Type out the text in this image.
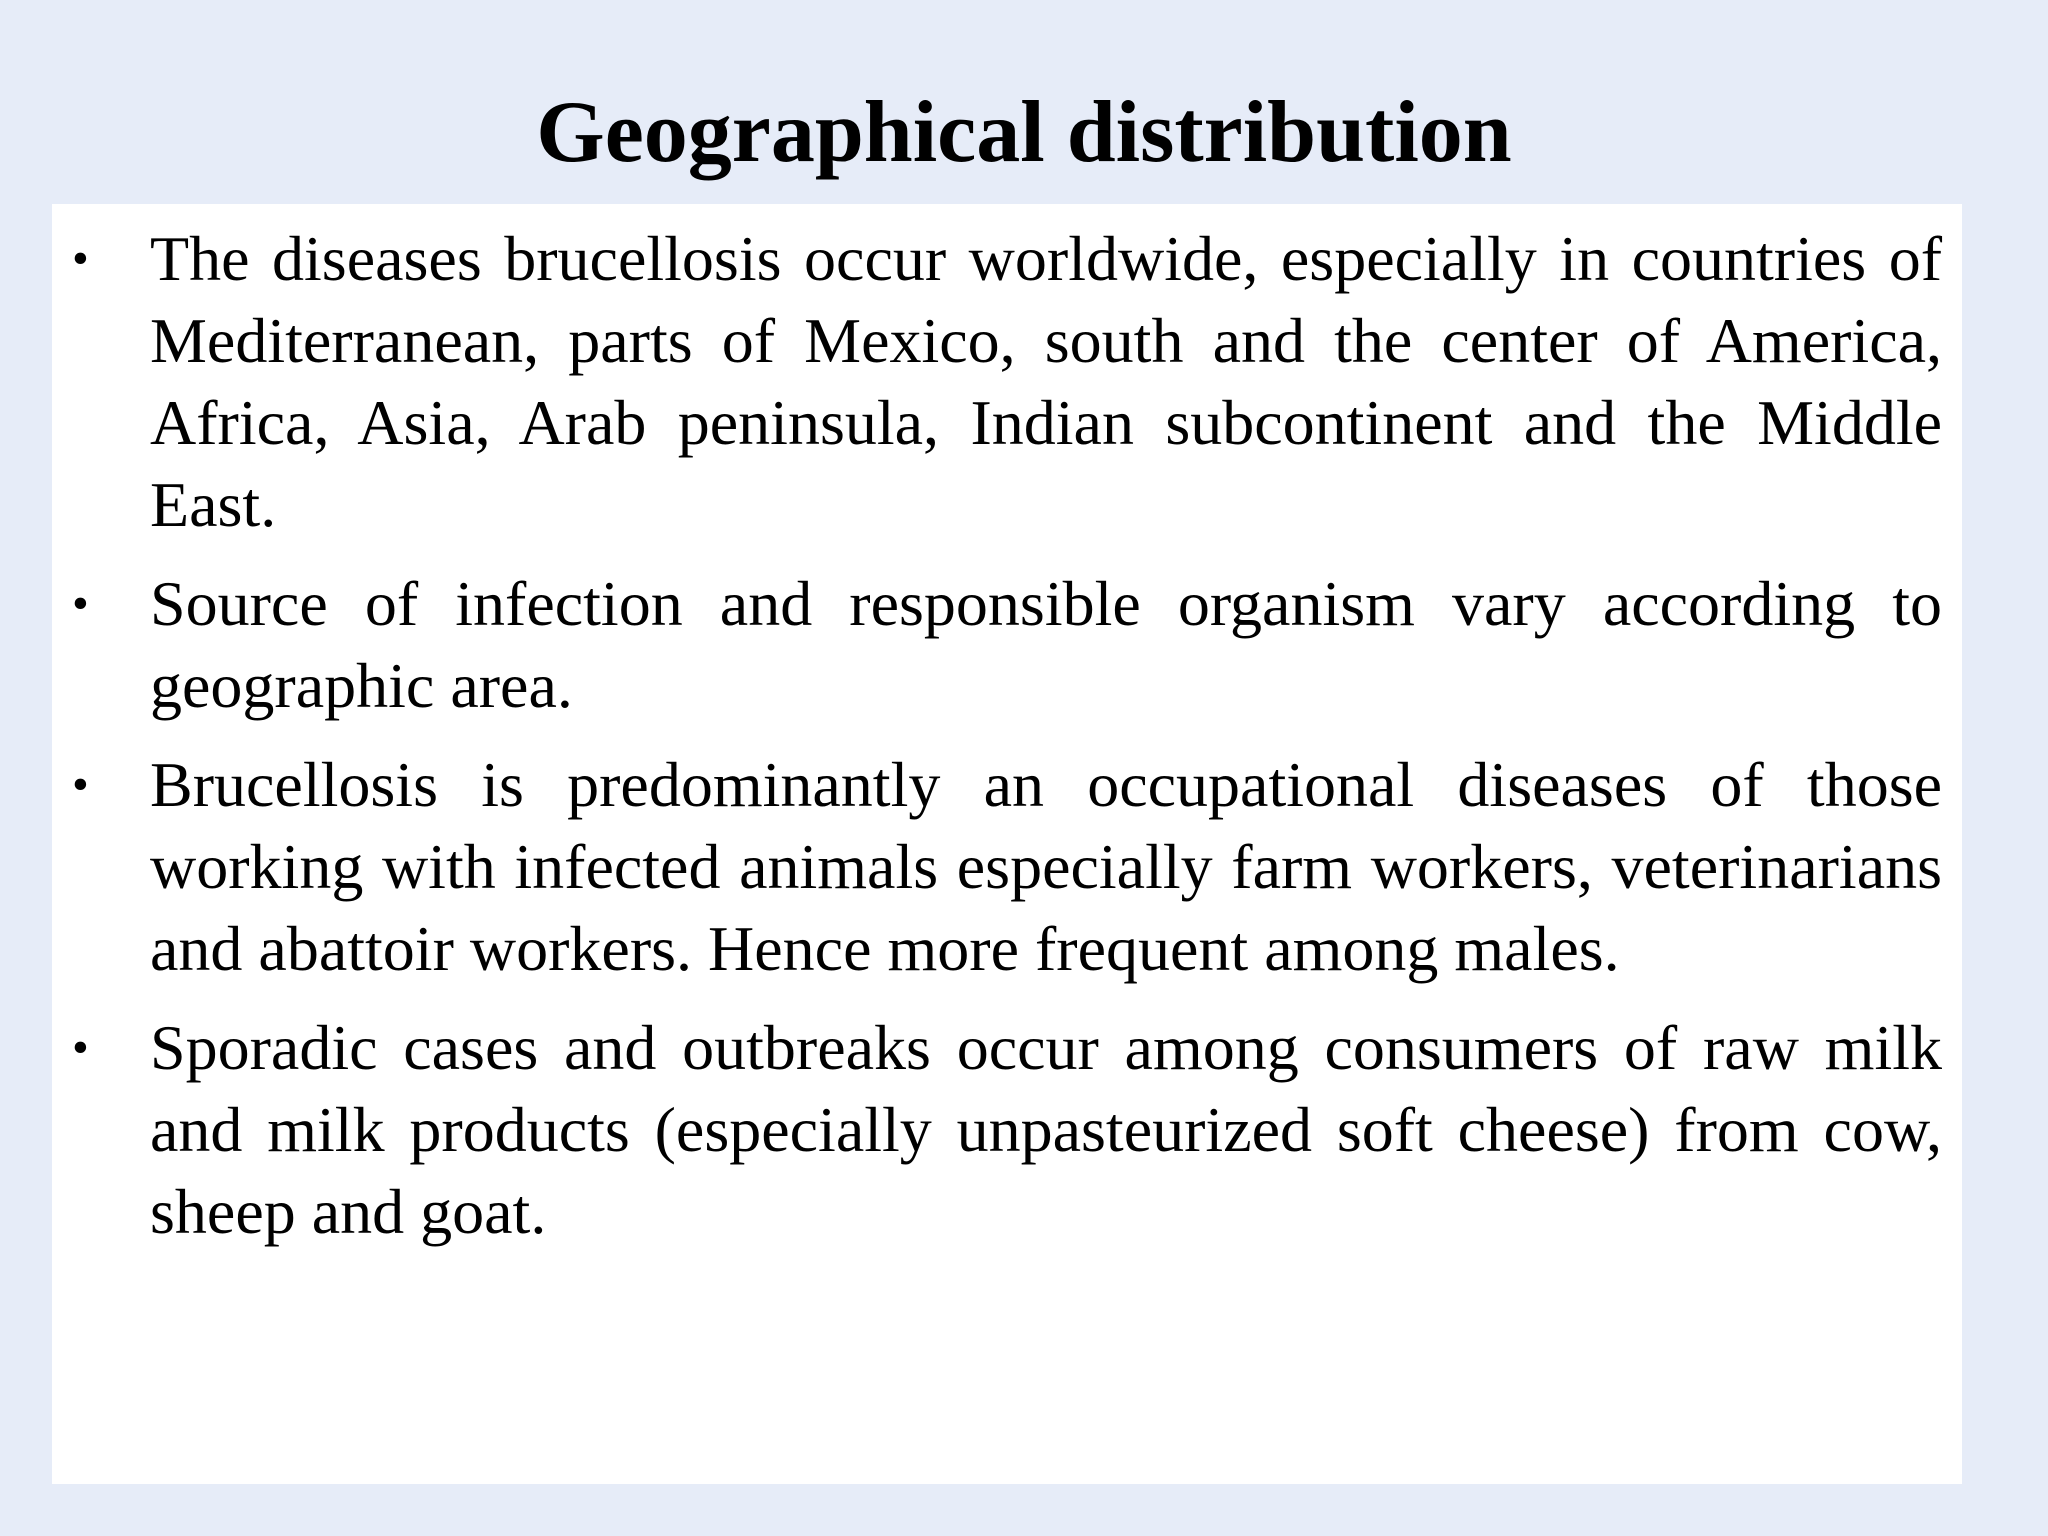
Geographical distribution
• The diseases brucellosis occur worldwide, especially in countries of Mediterranean, parts of Mexico, south and the center of America, Africa, Asia, Arab peninsula, Indian subcontinent and the Middle East.
• Source of infection and responsible organism vary according to geographic area.
• Brucellosis is predominantly an occupational diseases of those working with infected animals especially farm workers, veterinarians and abattoir workers. Hence more frequent among males.
• Sporadic cases and outbreaks occur among consumers of raw milk and milk products (especially unpasteurized soft cheese) from cow, sheep and goat.
